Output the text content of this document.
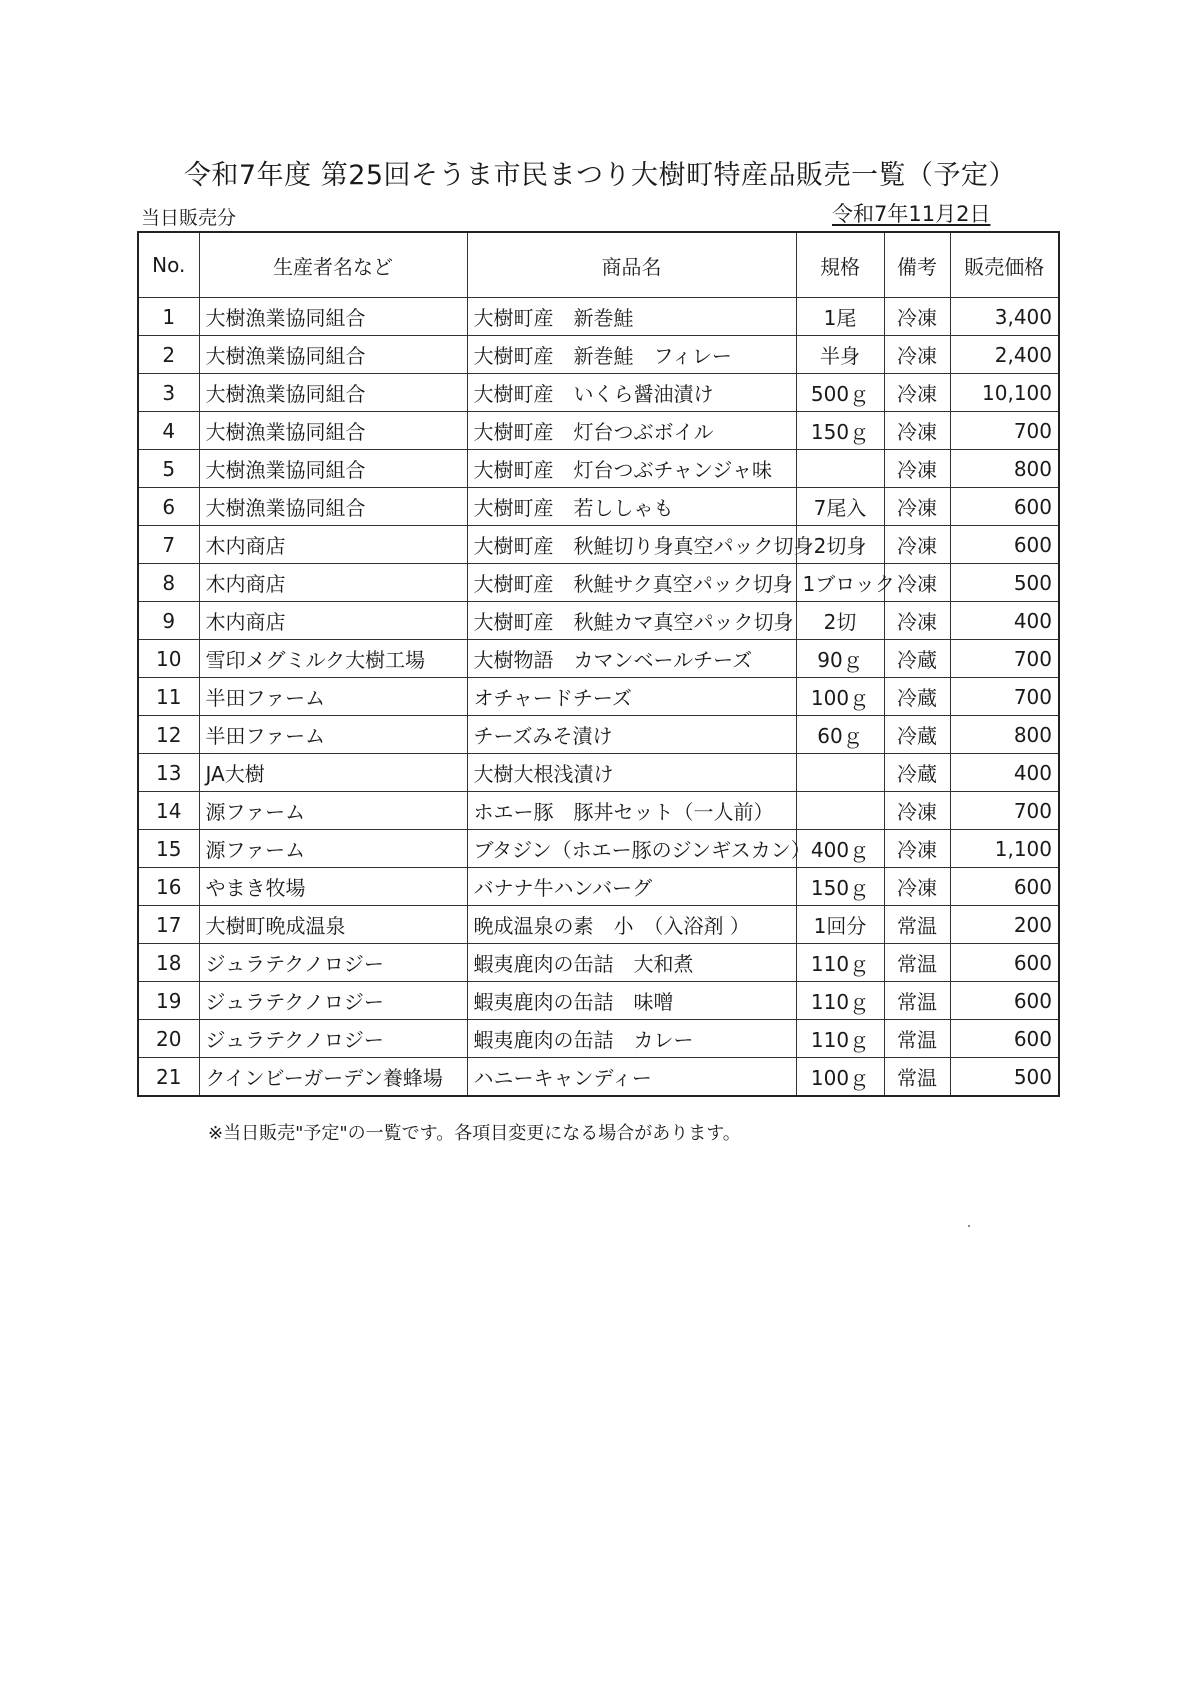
令和7年度 第25回そうま市民まつり大樹町特産品販売一覧（予定）
当日販売分	令和7年11月2日
No.	生産者名など	商品名	規格	備考	販売価格
1	大樹漁業協同組合	大樹町産　新巻鮭	1尾	冷凍	3,400
2	大樹漁業協同組合	大樹町産　新巻鮭　フィレー	半身	冷凍	2,400
3	大樹漁業協同組合	大樹町産　いくら醤油漬け	500ｇ	冷凍	10,100
4	大樹漁業協同組合	大樹町産　灯台つぶボイル	150ｇ	冷凍	700
5	大樹漁業協同組合	大樹町産　灯台つぶチャンジャ味		冷凍	800
6	大樹漁業協同組合	大樹町産　若ししゃも	7尾入	冷凍	600
7	木内商店	大樹町産　秋鮭切り身真空パック切身	2切身	冷凍	600
8	木内商店	大樹町産　秋鮭サク真空パック切身	1ブロック	冷凍	500
9	木内商店	大樹町産　秋鮭カマ真空パック切身	2切	冷凍	400
10	雪印メグミルク大樹工場	大樹物語　カマンベールチーズ	90ｇ	冷蔵	700
11	半田ファーム	オチャードチーズ	100ｇ	冷蔵	700
12	半田ファーム	チーズみそ漬け	60ｇ	冷蔵	800
13	JA大樹	大樹大根浅漬け		冷蔵	400
14	源ファーム	ホエー豚　豚丼セット（一人前）		冷凍	700
15	源ファーム	ブタジン（ホエー豚のジンギスカン）	400ｇ	冷凍	1,100
16	やまき牧場	バナナ牛ハンバーグ	150ｇ	冷凍	600
17	大樹町晩成温泉	晩成温泉の素　小　（入浴剤 ）	1回分	常温	200
18	ジュラテクノロジー	蝦夷鹿肉の缶詰　大和煮	110ｇ	常温	600
19	ジュラテクノロジー	蝦夷鹿肉の缶詰　味噌	110ｇ	常温	600
20	ジュラテクノロジー	蝦夷鹿肉の缶詰　カレー	110ｇ	常温	600
21	クインビーガーデン養蜂場	ハニーキャンディー	100ｇ	常温	500
※当日販売"予定"の一覧です。各項目変更になる場合があります。
